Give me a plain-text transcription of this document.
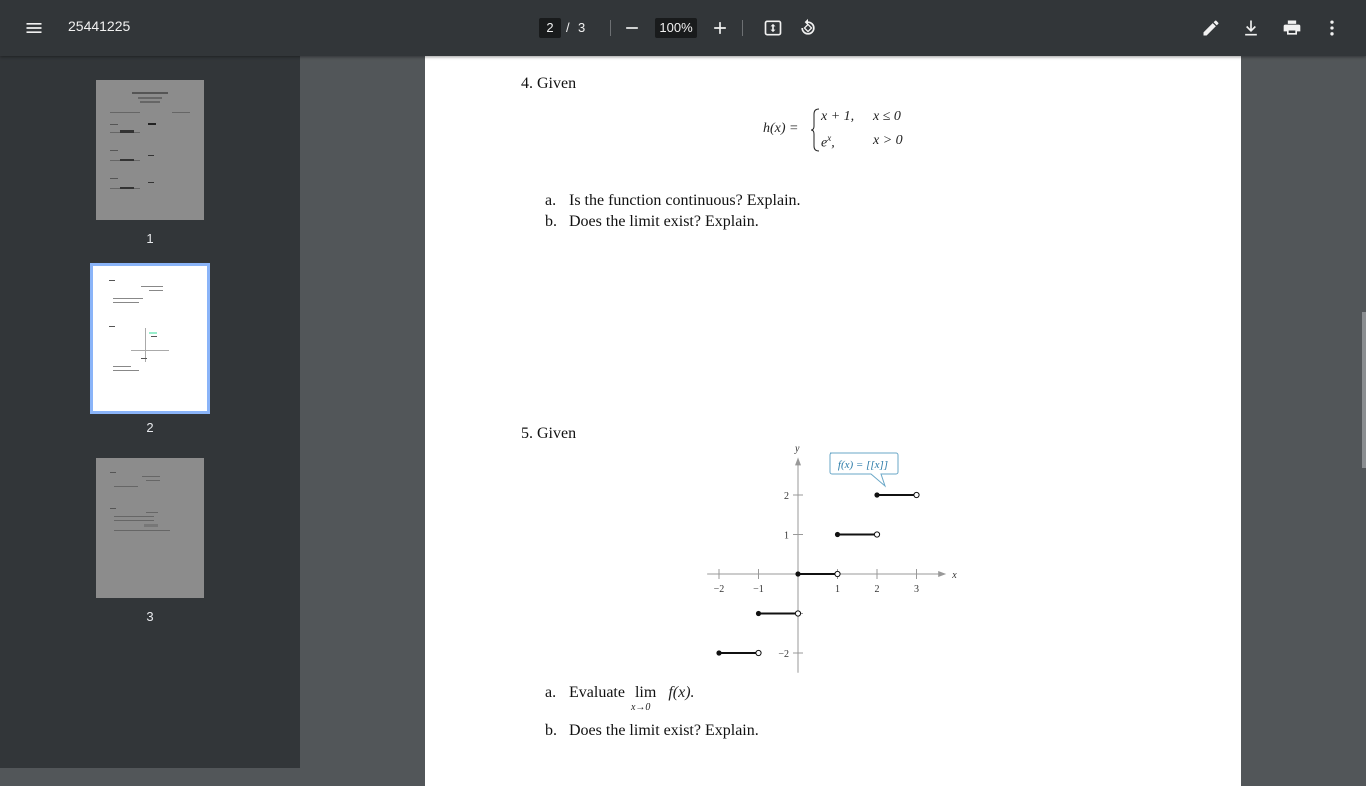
25441225	2 / 3	100%
1
2
3
4. Given
h(x) =
x + 1, x ≤ 0
$e^x$,	x > 0
a. Is the function continuous? Explain.
b. Does the limit exist? Explain.
5. Given
x
y
−2	−1	1	2	3
2
1
−2
f(x) = [[x]]
a. Evaluate lim
x→0
f(x).
b. Does the limit exist? Explain.
